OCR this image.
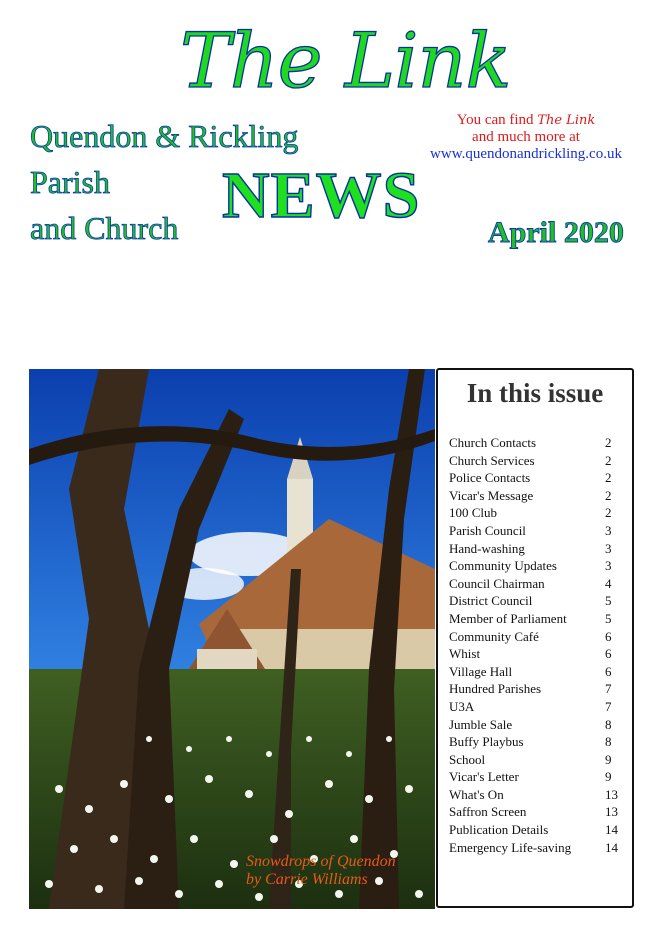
The Link
Quendon & Rickling
Parish
and Church NEWS
You can find The Link
and much more at
www.quendonandrickling.co.uk
April 2020
Snowdrops of Quendon
by Carrie Williams
In this issue
Church Contacts	2
Church Services	2
Police Contacts	2
Vicar's Message	2
100 Club	2
Parish Council	3
Hand-washing	3
Community Updates	3
Council Chairman	4
District Council	5
Member of Parliament	5
Community Café	6
Whist	6
Village Hall	6
Hundred Parishes	7
U3A	7
Jumble Sale	8
Buffy Playbus	8
School	9
Vicar's Letter	9
What's On	13
Saffron Screen	13
Publication Details	14
Emergency Life-saving	14
